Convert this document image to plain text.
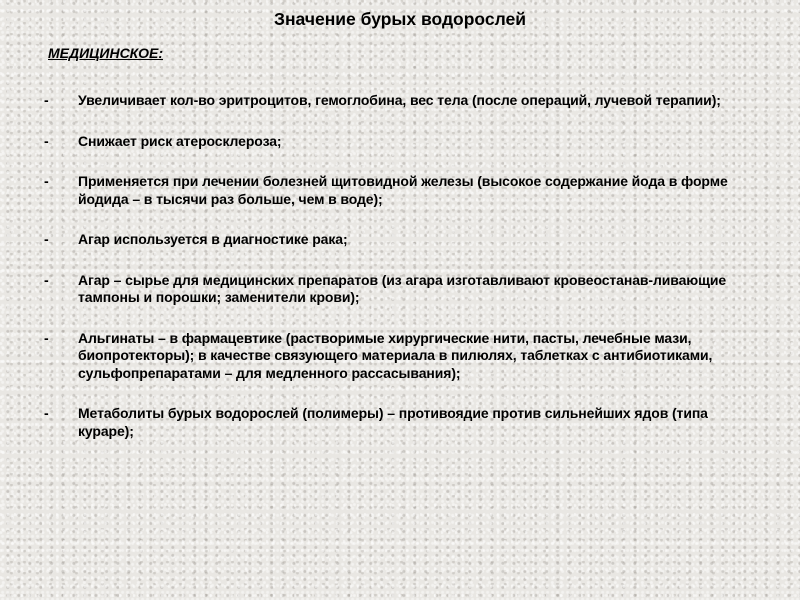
Значение бурых водорослей
МЕДИЦИНСКОЕ:
- Увеличивает кол-во эритроцитов, гемоглобина, вес тела (после операций, лучевой терапии);
- Снижает риск атеросклероза;
- Применяется при лечении болезней щитовидной железы (высокое содержание йода в форме йодида – в тысячи раз больше, чем в воде);
- Агар используется в диагностике рака;
- Агар – сырье для медицинских препаратов (из агара изготавливают кровеостанав-ливающие тампоны и порошки; заменители крови);
- Альгинаты – в фармацевтике (растворимые хирургические нити, пасты, лечебные мази, биопротекторы); в качестве связующего материала в пилюлях, таблетках с антибиотиками, сульфопрепаратами – для медленного рассасывания);
- Метаболиты бурых водорослей (полимеры) – противоядие против сильнейших ядов (типа кураре);
